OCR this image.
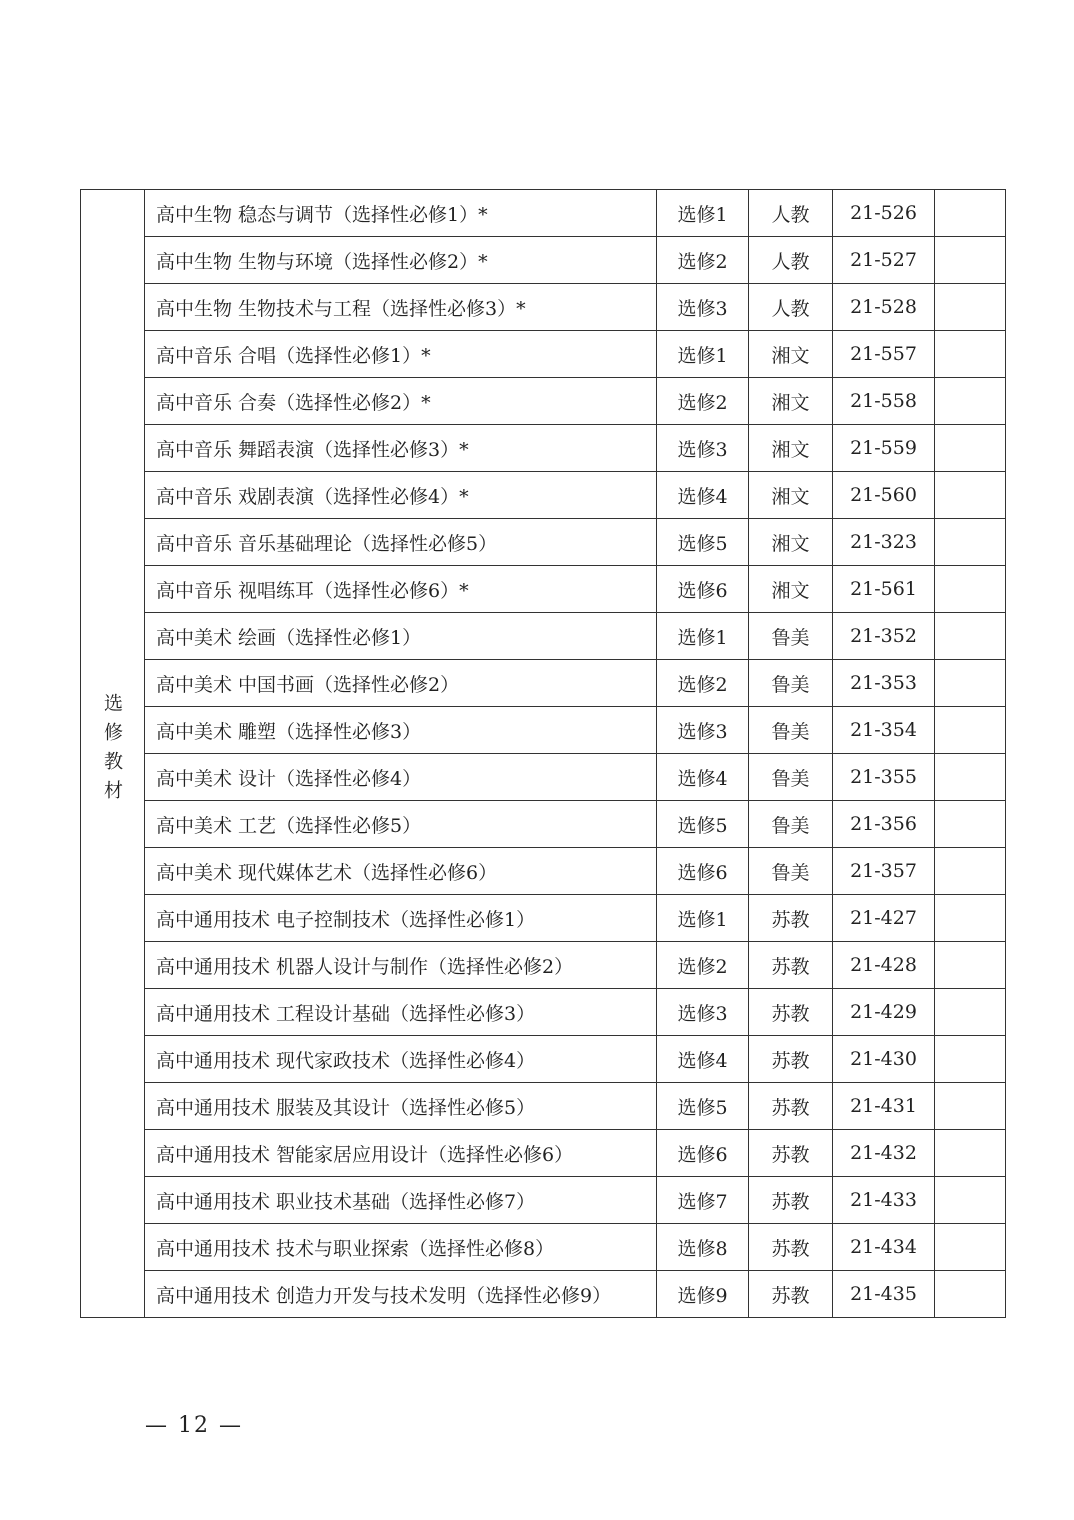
选修教材	高中生物 稳态与调节（选择性必修1）*	选修1	人教	21-526	
	高中生物 生物与环境（选择性必修2）*	选修2	人教	21-527	
	高中生物 生物技术与工程（选择性必修3）*	选修3	人教	21-528	
	高中音乐 合唱（选择性必修1）*	选修1	湘文	21-557	
	高中音乐 合奏（选择性必修2）*	选修2	湘文	21-558	
	高中音乐 舞蹈表演（选择性必修3）*	选修3	湘文	21-559	
	高中音乐 戏剧表演（选择性必修4）*	选修4	湘文	21-560	
	高中音乐 音乐基础理论（选择性必修5）	选修5	湘文	21-323	
	高中音乐 视唱练耳（选择性必修6）*	选修6	湘文	21-561	
	高中美术 绘画（选择性必修1）	选修1	鲁美	21-352	
	高中美术 中国书画（选择性必修2）	选修2	鲁美	21-353	
	高中美术 雕塑（选择性必修3）	选修3	鲁美	21-354	
	高中美术 设计（选择性必修4）	选修4	鲁美	21-355	
	高中美术 工艺（选择性必修5）	选修5	鲁美	21-356	
	高中美术 现代媒体艺术（选择性必修6）	选修6	鲁美	21-357	
	高中通用技术 电子控制技术（选择性必修1）	选修1	苏教	21-427	
	高中通用技术 机器人设计与制作（选择性必修2）	选修2	苏教	21-428	
	高中通用技术 工程设计基础（选择性必修3）	选修3	苏教	21-429	
	高中通用技术 现代家政技术（选择性必修4）	选修4	苏教	21-430	
	高中通用技术 服装及其设计（选择性必修5）	选修5	苏教	21-431	
	高中通用技术 智能家居应用设计（选择性必修6）	选修6	苏教	21-432	
	高中通用技术 职业技术基础（选择性必修7）	选修7	苏教	21-433	
	高中通用技术 技术与职业探索（选择性必修8）	选修8	苏教	21-434	
	高中通用技术 创造力开发与技术发明（选择性必修9）	选修9	苏教	21-435	
— 12 —
